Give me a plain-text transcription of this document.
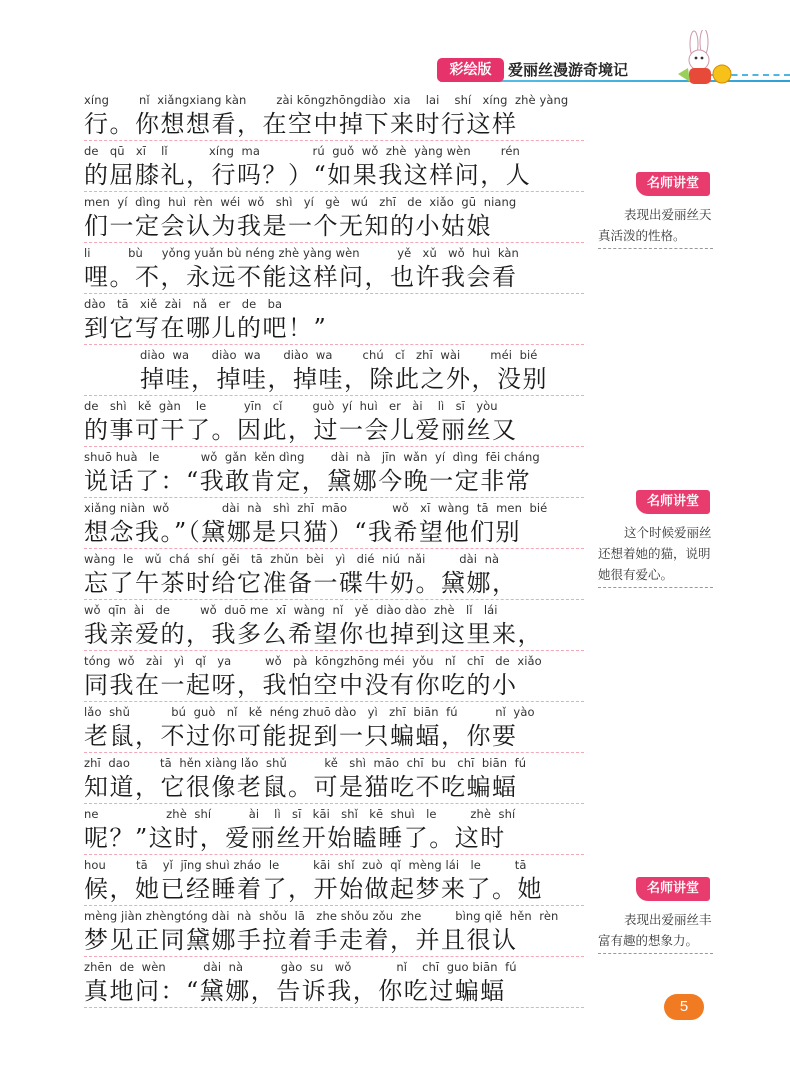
彩绘版	爱丽丝漫游奇境记
xíng        nǐ  xiǎngxiang kàn        zài kōngzhōngdiào  xia    lai    shí   xíng  zhè yàng
行。你想想看，在空中掉下来时行这样
de   qū   xī    lǐ           xíng  ma              rú  guǒ  wǒ  zhè  yàng wèn        rén
的屈膝礼，行吗？）“如果我这样问，人
men  yí  dìng  huì  rèn  wéi  wǒ   shì   yí   gè   wú   zhī   de  xiǎo  gū  niang
们一定会认为我是一个无知的小姑娘
li          bù     yǒng yuǎn bù néng zhè yàng wèn          yě   xǔ   wǒ  huì  kàn
哩。不，永远不能这样问，也许我会看
dào   tā   xiě  zài   nǎ   er   de   ba
到它写在哪儿的吧！”
diào  wa      diào  wa      diào  wa        chú   cǐ   zhī  wài        méi  bié
掉哇，掉哇，掉哇，除此之外，没别
de   shì   kě  gàn    le          yīn   cǐ        guò  yí  huì   er   ài    lì   sī   yòu
的事可干了。因此，过一会儿爱丽丝又
shuō huà   le           wǒ  gǎn  kěn dìng       dài  nà   jīn  wǎn  yí  dìng  fēi cháng
说话了：“我敢肯定，黛娜今晚一定非常
xiǎng niàn  wǒ              dài  nà   shì  zhī  māo            wǒ   xī  wàng  tā  men  bié
想念我。”（黛娜是只猫）“我希望他们别
wàng  le   wǔ  chá  shí  gěi   tā  zhǔn  bèi   yì   dié  niú  nǎi         dài  nà
忘了午茶时给它准备一碟牛奶。黛娜，
wǒ  qīn  ài   de        wǒ  duō me  xī  wàng  nǐ   yě  diào dào  zhè   lǐ   lái
我亲爱的，我多么希望你也掉到这里来，
tóng  wǒ   zài   yì   qǐ   ya         wǒ   pà  kōngzhōng méi  yǒu   nǐ   chī   de  xiǎo
同我在一起呀，我怕空中没有你吃的小
lǎo  shǔ           bú  guò   nǐ   kě  néng zhuō dào   yì   zhī  biān  fú          nǐ  yào
老鼠，不过你可能捉到一只蝙蝠，你要
zhī  dao        tā  hěn xiàng lǎo  shǔ          kě   shì  māo  chī  bu   chī  biān  fú
知道，它很像老鼠。可是猫吃不吃蝙蝠
ne                  zhè  shí          ài    lì   sī   kāi   shǐ   kē  shuì   le         zhè  shí
呢？”这时，爱丽丝开始瞌睡了。这时
hou        tā    yǐ  jīng shuì zháo  le         kāi  shǐ  zuò  qǐ  mèng lái   le         tā
候，她已经睡着了，开始做起梦来了。她
mèng jiàn zhèngtóng dài  nà  shǒu  lā   zhe shǒu zǒu  zhe         bìng qiě  hěn  rèn
梦见正同黛娜手拉着手走着，并且很认
zhēn  de  wèn          dài  nà          gào  su   wǒ            nǐ    chī  guo biān  fú
真地问：“黛娜，告诉我，你吃过蝙蝠
名师讲堂
表现出爱丽丝天真活泼的性格。
名师讲堂
这个时候爱丽丝还想着她的猫，说明她很有爱心。
名师讲堂
表现出爱丽丝丰富有趣的想象力。
5
